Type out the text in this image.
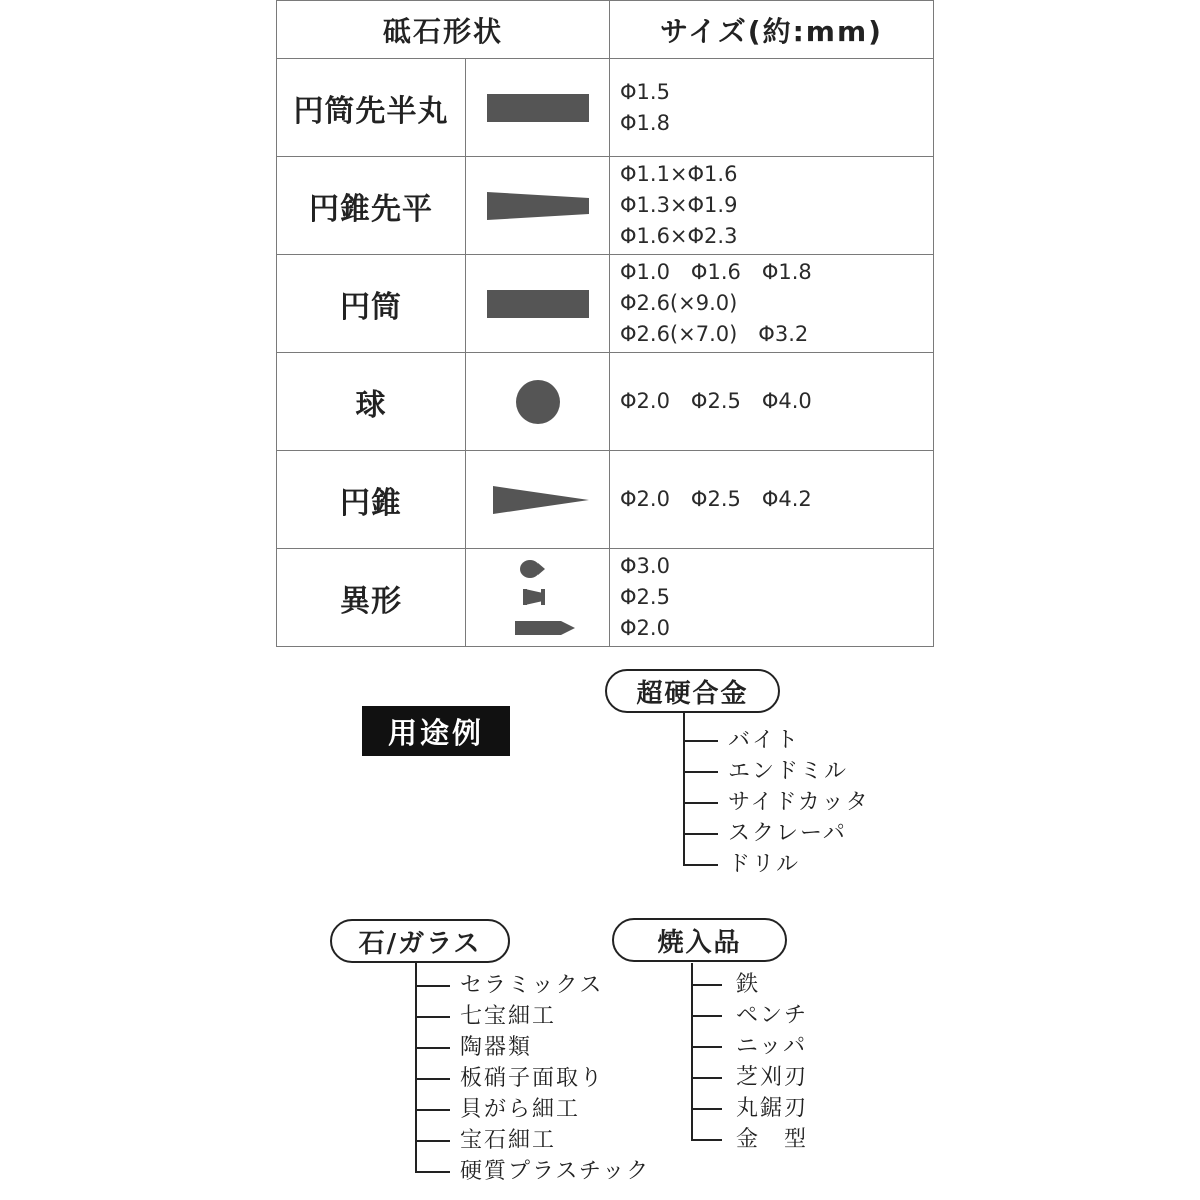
砥石形状		サイズ(約:mm)
円筒先半丸		Φ1.5
Φ1.8

円錐先平		Φ1.1×Φ1.6
Φ1.3×Φ1.9
Φ1.6×Φ2.3

円筒		Φ1.0　Φ1.6　Φ1.8
Φ2.6(×9.0)
Φ2.6(×7.0)　Φ3.2

球		Φ2.0　Φ2.5　Φ4.0

円錐		Φ2.0　Φ2.5　Φ4.2

異形		Φ3.0
Φ2.5
Φ2.0
用途例
超硬合金
バイト
エンドミル
サイドカッタ
スクレーパ
ドリル
石/ガラス
セラミックス
七宝細工
陶器類
板硝子面取り
貝がら細工
宝石細工
硬質プラスチック
焼入品
鉄
ペンチ
ニッパ
芝刈刃
丸鋸刃
金　型
